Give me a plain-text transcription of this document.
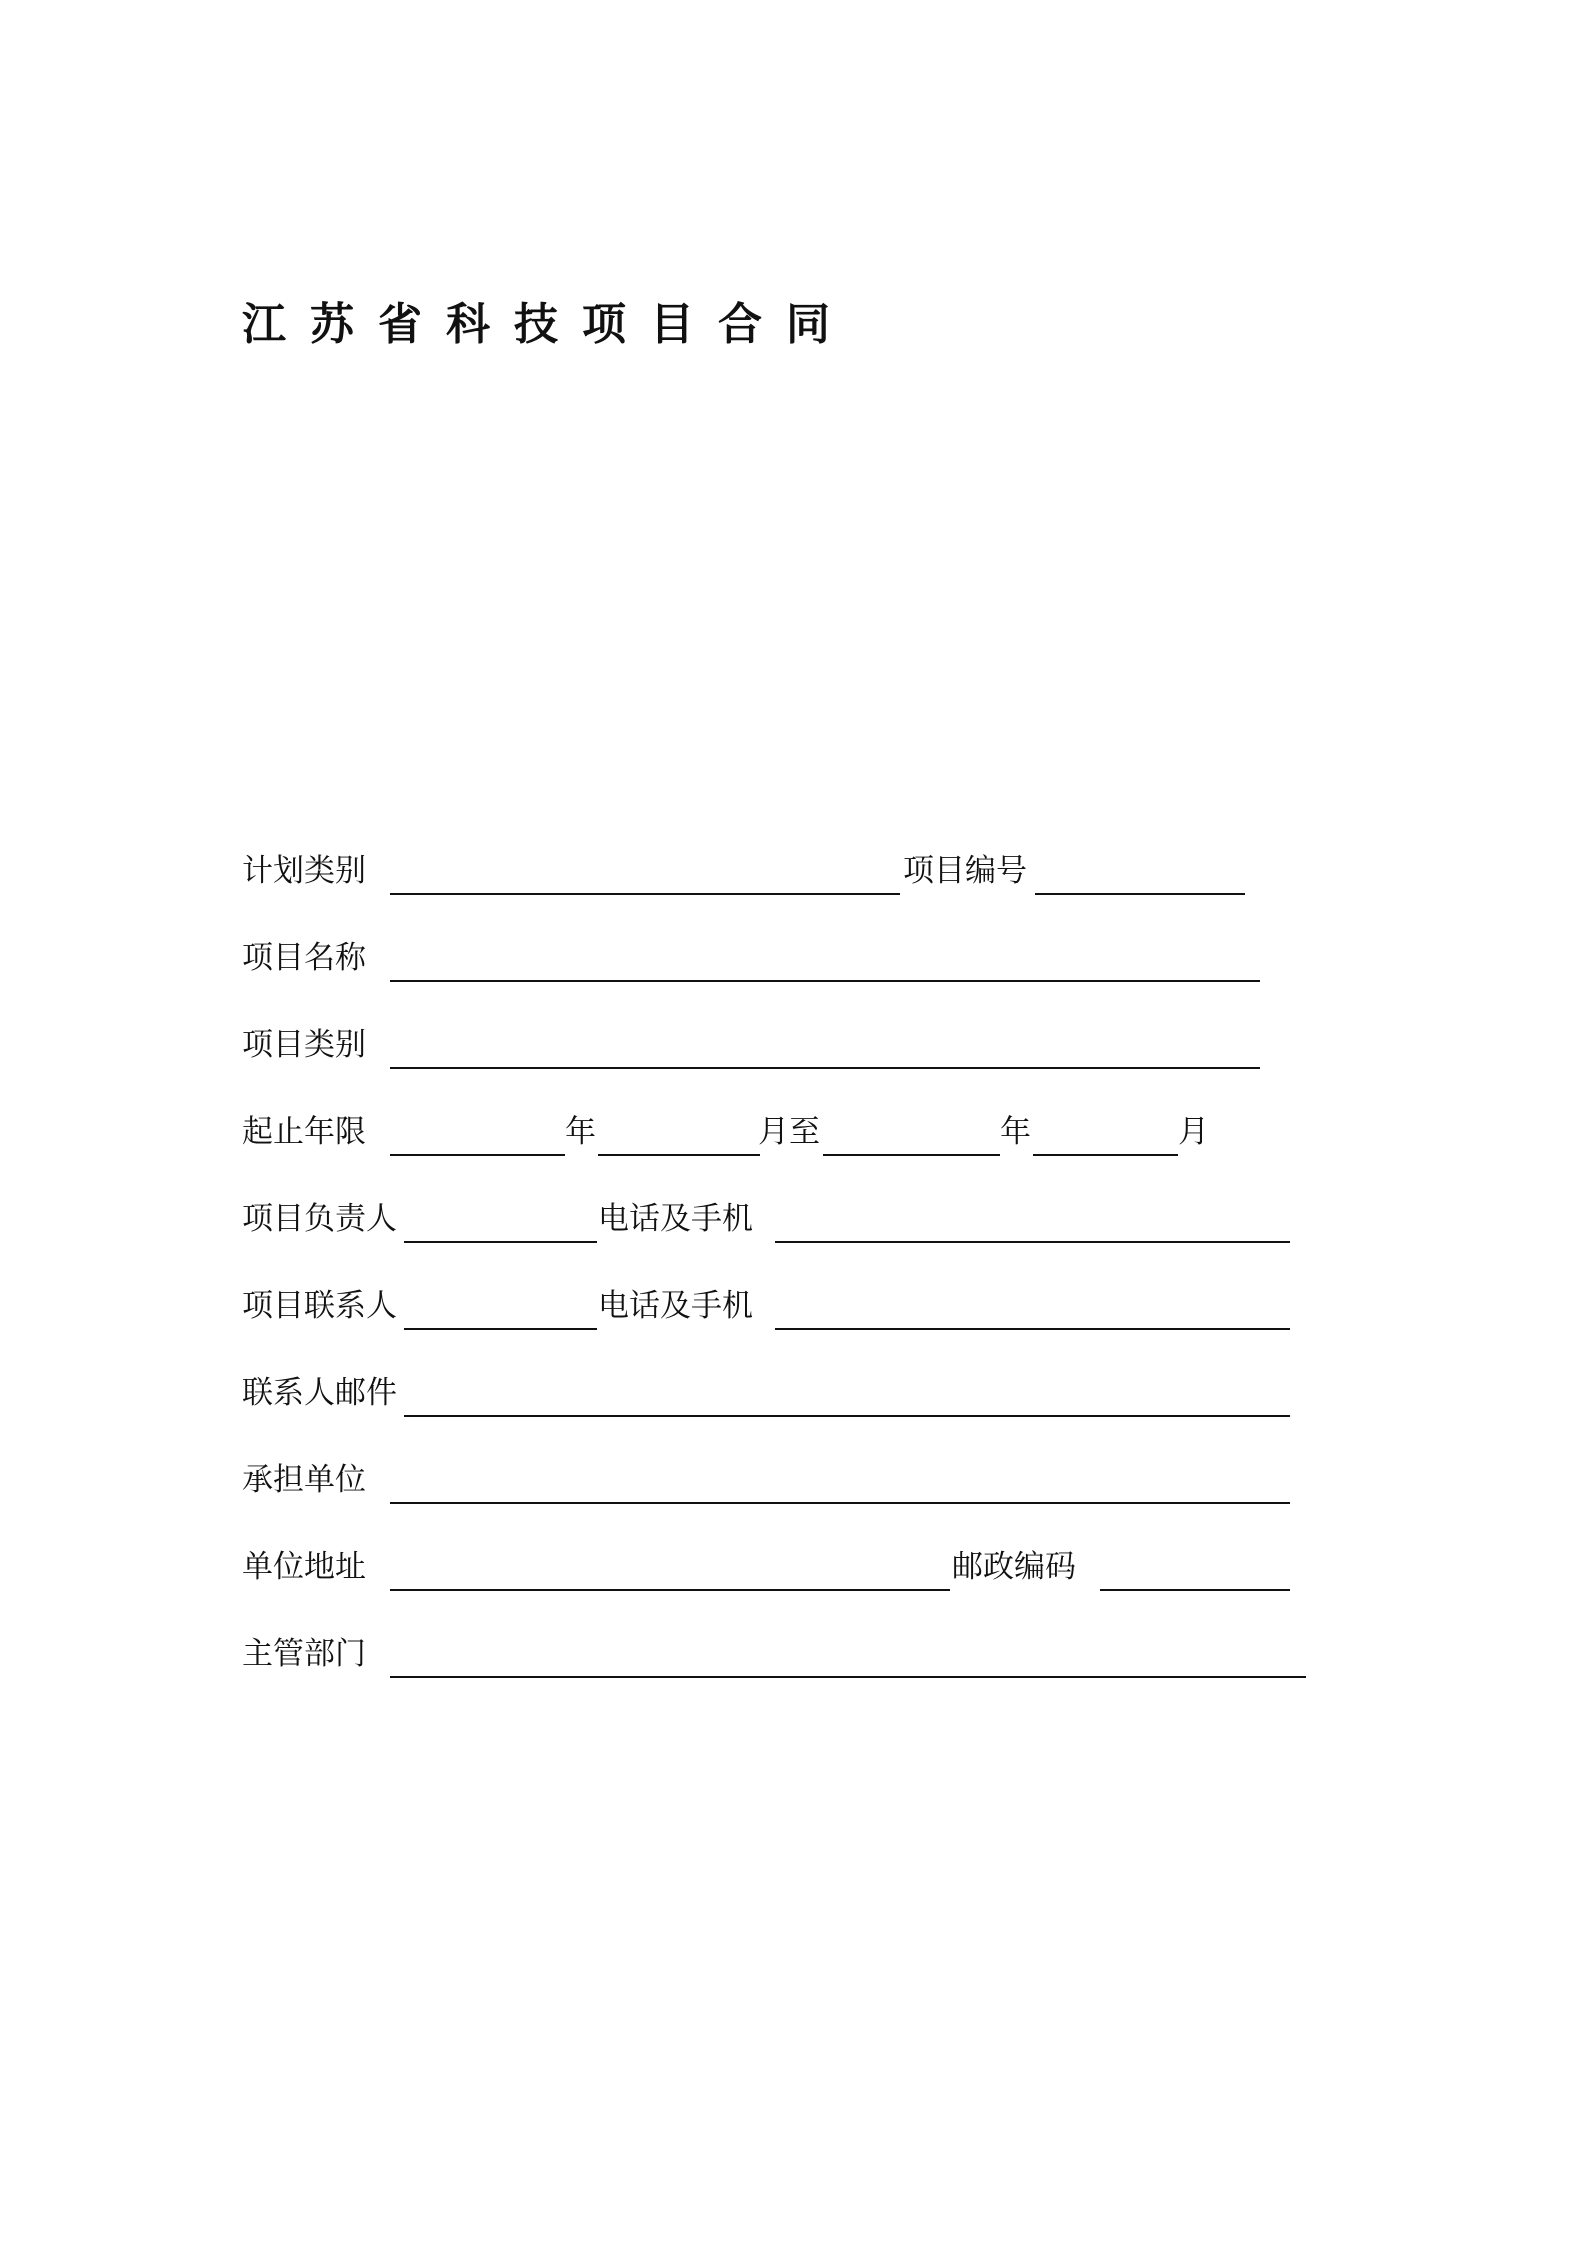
江苏省科技项目合同
计划类别	项目编号
项目名称
项目类别
起止年限	年	月至	年	月
项目负责人	电话及手机
项目联系人	电话及手机
联系人邮件
承担单位
单位地址	邮政编码
主管部门
